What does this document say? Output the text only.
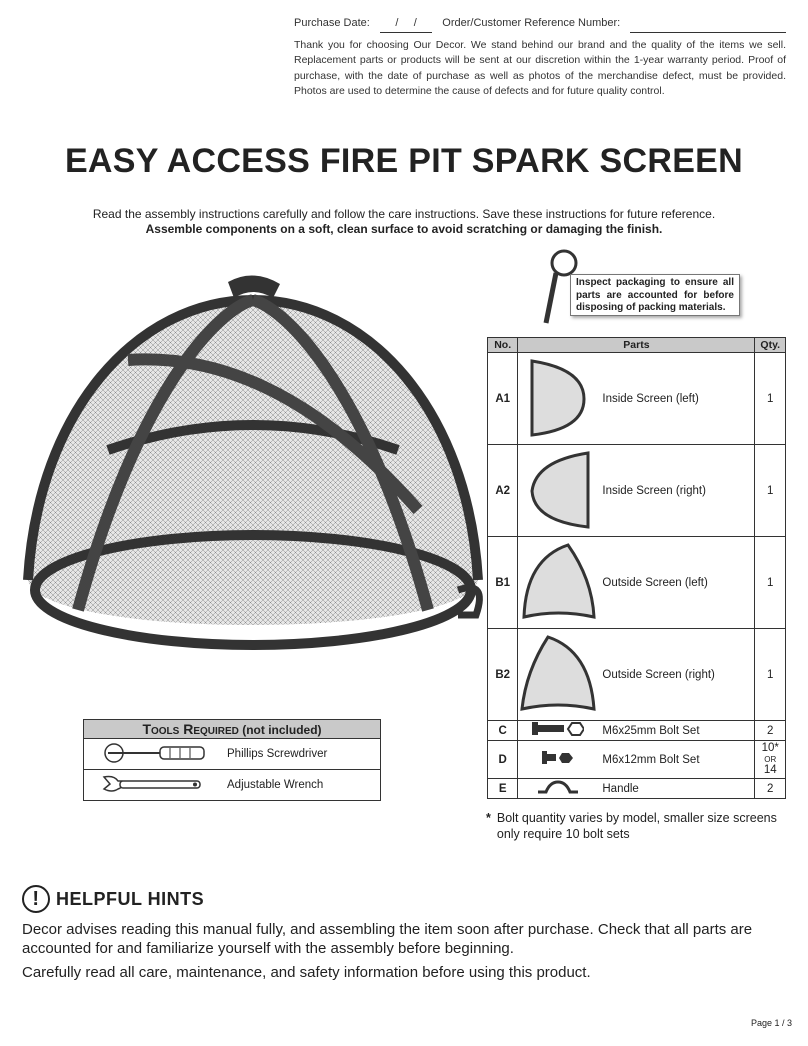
Purchase Date:	/ /	Order/Customer Reference Number:

Thank you for choosing Our Decor. We stand behind our brand and the quality of the items we sell. Replacement parts or products will be sent at our discretion within the 1-year warranty period. Proof of purchase, with the date of purchase as well as photos of the merchandise defect, must be provided. Photos are used to determine the cause of defects and for future quality control.

EASY ACCESS FIRE PIT SPARK SCREEN
Read the assembly instructions carefully and follow the care instructions. Save these instructions for future reference.
Assemble components on a soft, clean surface to avoid scratching or damaging the finish.
Inspect packaging to ensure all parts are accounted for before disposing of packing materials.
No.	Parts		Qty.
A1		Inside Screen (left)	1
A2		Inside Screen (right)	1
B1		Outside Screen (left)	1
B2		Outside Screen (right)	1
C		M6x25mm Bolt Set	2
D		M6x12mm Bolt Set	10*
OR
14
E		Handle	2
* Bolt quantity varies by model, smaller size screens only require 10 bolt sets
Tools Required (not included)	
	Phillips Screwdriver
	Adjustable Wrench
! HELPFUL HINTS
Decor advises reading this manual fully, and assembling the item soon after purchase. Check that all parts are accounted for and familiarize yourself with the assembly before beginning.
Carefully read all care, maintenance, and safety information before using this product.
Page 1 / 3
